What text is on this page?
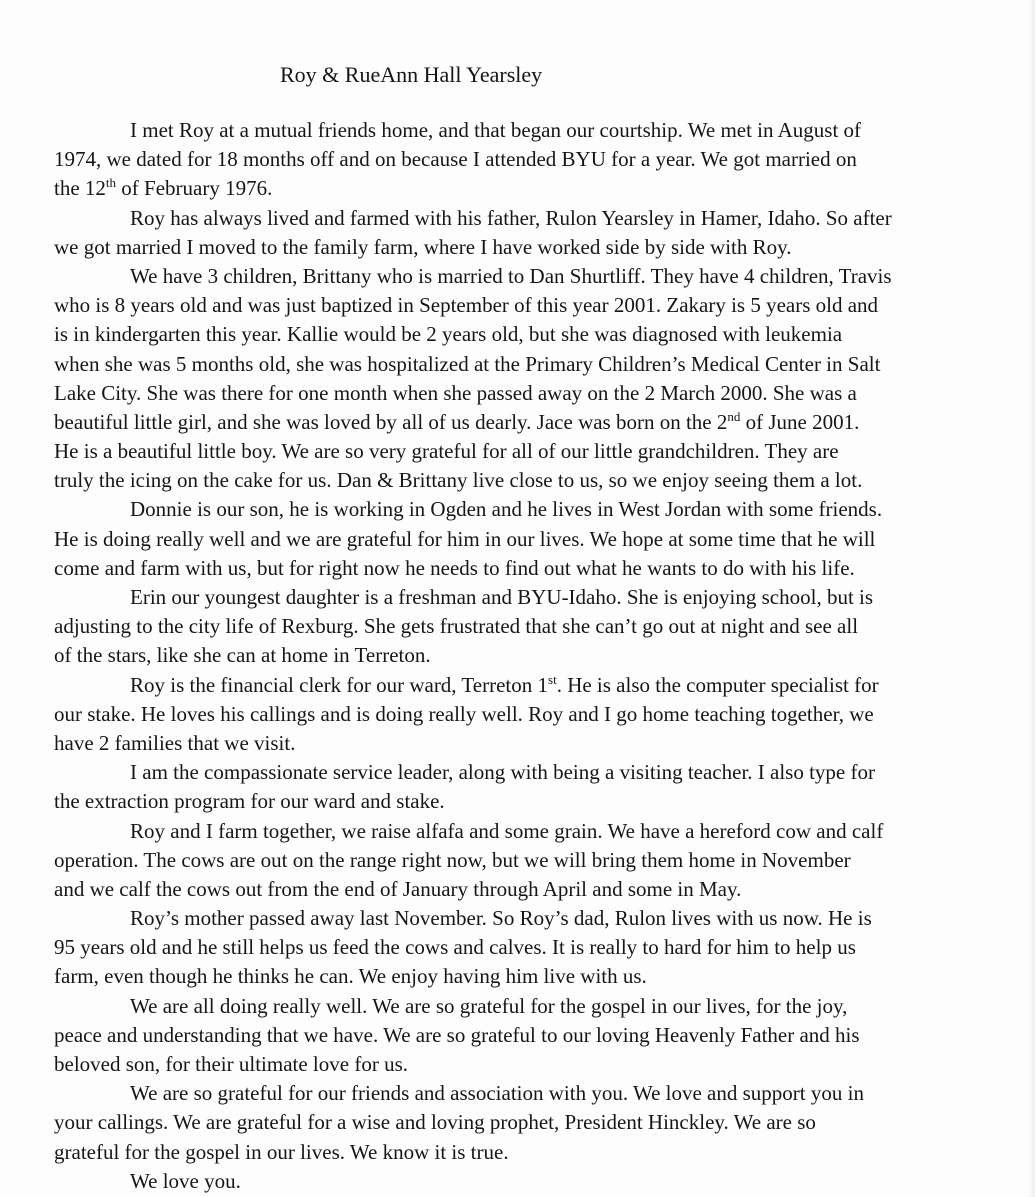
Roy & RueAnn Hall Yearsley
I met Roy at a mutual friends home, and that began our courtship. We met in August of
1974, we dated for 18 months off and on because I attended BYU for a year. We got married on
the 12th of February 1976.
Roy has always lived and farmed with his father, Rulon Yearsley in Hamer, Idaho. So after
we got married I moved to the family farm, where I have worked side by side with Roy.
We have 3 children, Brittany who is married to Dan Shurtliff. They have 4 children, Travis
who is 8 years old and was just baptized in September of this year 2001. Zakary is 5 years old and
is in kindergarten this year. Kallie would be 2 years old, but she was diagnosed with leukemia
when she was 5 months old, she was hospitalized at the Primary Children’s Medical Center in Salt
Lake City. She was there for one month when she passed away on the 2 March 2000. She was a
beautiful little girl, and she was loved by all of us dearly. Jace was born on the 2nd of June 2001.
He is a beautiful little boy. We are so very grateful for all of our little grandchildren. They are
truly the icing on the cake for us. Dan & Brittany live close to us, so we enjoy seeing them a lot.
Donnie is our son, he is working in Ogden and he lives in West Jordan with some friends.
He is doing really well and we are grateful for him in our lives. We hope at some time that he will
come and farm with us, but for right now he needs to find out what he wants to do with his life.
Erin our youngest daughter is a freshman and BYU-Idaho. She is enjoying school, but is
adjusting to the city life of Rexburg. She gets frustrated that she can’t go out at night and see all
of the stars, like she can at home in Terreton.
Roy is the financial clerk for our ward, Terreton 1st. He is also the computer specialist for
our stake. He loves his callings and is doing really well. Roy and I go home teaching together, we
have 2 families that we visit.
I am the compassionate service leader, along with being a visiting teacher. I also type for
the extraction program for our ward and stake.
Roy and I farm together, we raise alfafa and some grain. We have a hereford cow and calf
operation. The cows are out on the range right now, but we will bring them home in November
and we calf the cows out from the end of January through April and some in May.
Roy’s mother passed away last November. So Roy’s dad, Rulon lives with us now. He is
95 years old and he still helps us feed the cows and calves. It is really to hard for him to help us
farm, even though he thinks he can. We enjoy having him live with us.
We are all doing really well. We are so grateful for the gospel in our lives, for the joy,
peace and understanding that we have. We are so grateful to our loving Heavenly Father and his
beloved son, for their ultimate love for us.
We are so grateful for our friends and association with you. We love and support you in
your callings. We are grateful for a wise and loving prophet, President Hinckley. We are so
grateful for the gospel in our lives. We know it is true.
We love you.
